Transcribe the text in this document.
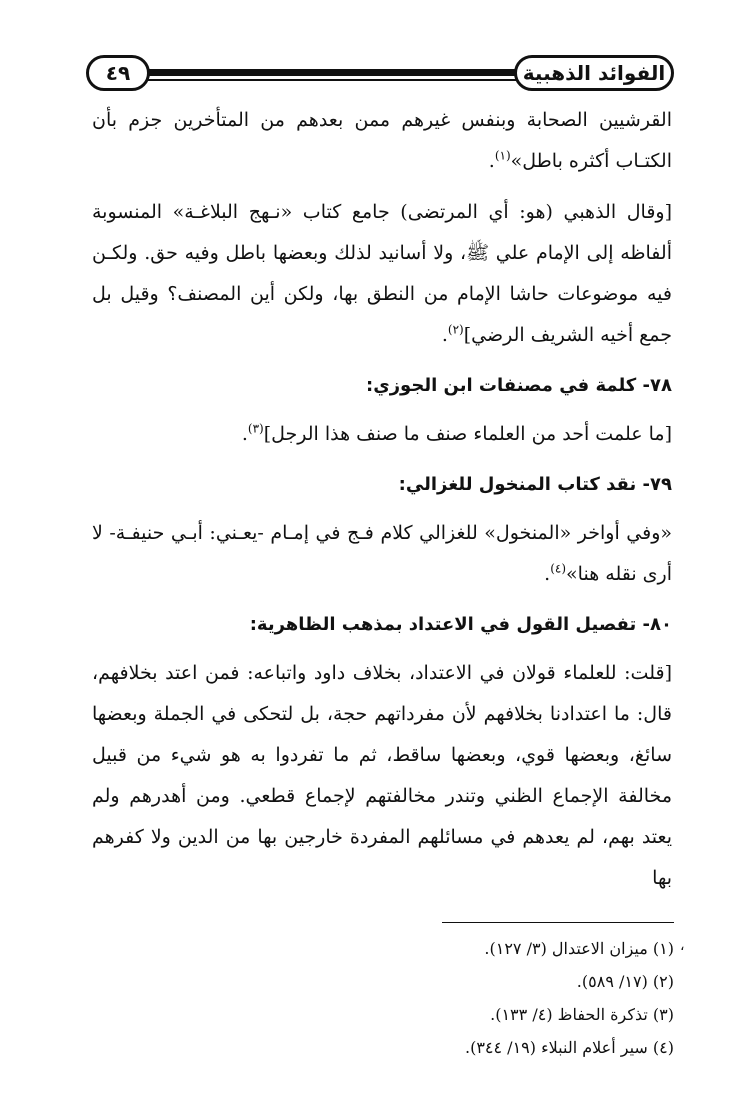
٤٩	الفوائد الذهبية

القرشيين الصحابة وبنفس غيرهم ممن بعدهم من المتأخرين جزم بأن الكتـاب أكثره باطل»$^{(١)}$.

[وقال الذهبي (هو: أي المرتضى) جامع كتاب «نـهج البلاغـة» المنسوبة ألفاظه إلى الإمام علي ﷺ، ولا أسانيد لذلك وبعضها باطل وفيه حق. ولكـن فيه موضوعات حاشا الإمام من النطق بها، ولكن أين المصنف؟ وقيل بل جمع أخيه الشريف الرضي]$^{(٢)}$.

٧٨- كلمة في مصنفات ابن الجوزي:

[ما علمت أحد من العلماء صنف ما صنف هذا الرجل]$^{(٣)}$.

٧٩- نقد كتاب المنخول للغزالي:

«وفي أواخر «المنخول» للغزالي كلام فـج في إمـام -يعـني: أبـي حنيفـة- لا أرى نقله هنا»$^{(٤)}$.

٨٠- تفصيل القول في الاعتداد بمذهب الظاهرية:

[قلت: للعلماء قولان في الاعتداد، بخلاف داود واتباعه: فمن اعتد بخلافهم، قال: ما اعتدادنا بخلافهم لأن مفرداتهم حجة، بل لتحكى في الجملة وبعضها سائغ، وبعضها قوي، وبعضها ساقط، ثم ما تفردوا به هو شيء من قبيل مخالفة الإجماع الظني وتندر مخالفتهم لإجماع قطعي. ومن أهدرهم ولم يعتد بهم، لم يعدهم في مسائلهم المفردة خارجين بها من الدين ولا كفرهم بها

،

(١) ميزان الاعتدال (٣/ ١٢٧).

(٢) (١٧/ ٥٨٩).

(٣) تذكرة الحفاظ (٤/ ١٣٣).

(٤) سير أعلام النبلاء (١٩/ ٣٤٤).
